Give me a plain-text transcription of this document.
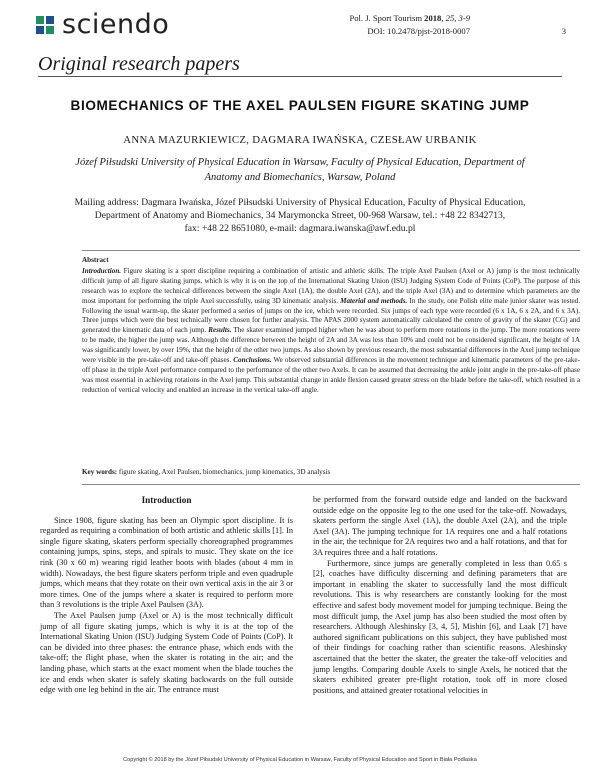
sciendo	Pol. J. Sport Tourism 2018, 25, 3-9
DOI: 10.2478/pjst-2018-0007	3
Original research papers
BIOMECHANICS OF THE AXEL PAULSEN FIGURE SKATING JUMP
ANNA MAZURKIEWICZ, DAGMARA IWAŃSKA, CZESŁAW URBANIK
Józef Piłsudski University of Physical Education in Warsaw, Faculty of Physical Education, Department of
Anatomy and Biomechanics, Warsaw, Poland
Mailing address: Dagmara Iwańska, Józef Piłsudski University of Physical Education, Faculty of Physical Education,
Department of Anatomy and Biomechanics, 34 Marymoncka Street, 00-968 Warsaw, tel.: +48 22 8342713,
fax: +48 22 8651080, e-mail: dagmara.iwanska@awf.edu.pl
Abstract
Introduction. Figure skating is a sport discipline requiring a combination of artistic and athletic skills. The triple Axel Paulsen (Axel or A) jump is the most technically difficult jump of all figure skating jumps, which is why it is on the top of the International Skating Union (ISU) Judging System Code of Points (CoP). The purpose of this research was to explore the technical differences between the single Axel (1A), the double Axel (2A), and the triple Axel (3A) and to determine which parameters are the most important for performing the triple Axel successfully, using 3D kinematic analysis. Material and methods. In the study, one Polish elite male junior skater was tested. Following the usual warm-up, the skater performed a series of jumps on the ice, which were recorded. Six jumps of each type were recorded (6 x 1A, 6 x 2A, and 6 x 3A). Three jumps which were the best technically were chosen for further analysis. The APAS 2000 system automatically calculated the centre of gravity of the skater (CG) and generated the kinematic data of each jump. Results. The skater examined jumped higher when he was about to perform more rotations in the jump. The more rotations were to be made, the higher the jump was. Although the difference between the height of 2A and 3A was less than 10% and could not be considered significant, the height of 1A was significantly lower, by over 19%, that the height of the other two jumps. As also shown by previous research, the most substantial differences in the Axel jump technique were visible in the pre-take-off and take-off phases. Conclusions. We observed substantial differences in the movement technique and kinematic parameters of the pre-take-off phase in the triple Axel performance compared to the performance of the other two Axels. It can be assumed that decreasing the ankle joint angle in the pre-take-off phase was most essential in achieving rotations in the Axel jump. This substantial change in ankle flexion caused greater stress on the blade before the take-off, which resulted in a reduction of vertical velocity and enabled an increase in the vertical take-off angle.
Key words: figure skating, Axel Paulsen, biomechanics, jump kinematics, 3D analysis
Introduction

Since 1908, figure skating has been an Olympic sport discipline. It is regarded as requiring a combination of both artistic and athletic skills [1]. In single figure skating, skaters perform specially choreographed programmes containing jumps, spins, steps, and spirals to music. They skate on the ice rink (30 x 60 m) wearing rigid leather boots with blades (about 4 mm in width). Nowadays, the best figure skaters perform triple and even quadruple jumps, which means that they rotate on their own vertical axis in the air 3 or more times. One of the jumps where a skater is required to perform more than 3 revolutions is the triple Axel Paulsen (3A).

The Axel Paulsen jump (Axel or A) is the most technically difficult jump of all figure skating jumps, which is why it is at the top of the International Skating Union (ISU) Judging System Code of Points (CoP). It can be divided into three phases: the entrance phase, which ends with the take-off; the flight phase, when the skater is rotating in the air; and the landing phase, which starts at the exact moment when the blade touches the ice and ends when skater is safely skating backwards on the full outside edge with one leg behind in the air. The entrance must

be performed from the forward outside edge and landed on the backward outside edge on the opposite leg to the one used for the take-off. Nowadays, skaters perform the single Axel (1A), the double Axel (2A), and the triple Axel (3A). The jumping technique for 1A requires one and a half rotations in the air, the technique for 2A requires two and a half rotations, and that for 3A requires three and a half rotations.

Furthermore, since jumps are generally completed in less than 0.65 s [2], coaches have difficulty discerning and defining parameters that are important in enabling the skater to successfully land the most difficult revolutions. This is why researchers are constantly looking for the most effective and safest body movement model for jumping technique. Being the most difficult jump, the Axel jump has also been studied the most often by researchers. Although Aleshinsky [3, 4, 5], Mishin [6], and Laak [7] have authored significant publications on this subject, they have published most of their findings for coaching rather than scientific reasons. Aleshinsky ascertained that the better the skater, the greater the take-off velocities and jump lengths. Comparing double Axels to single Axels, he noticed that the skaters exhibited greater pre-flight rotation, took off in more closed positions, and attained greater rotational velocities in

Copyright © 2018 by the Józef Piłsudski University of Physical Education in Warsaw, Faculty of Physical Education and Sport in Biała Podlaska
